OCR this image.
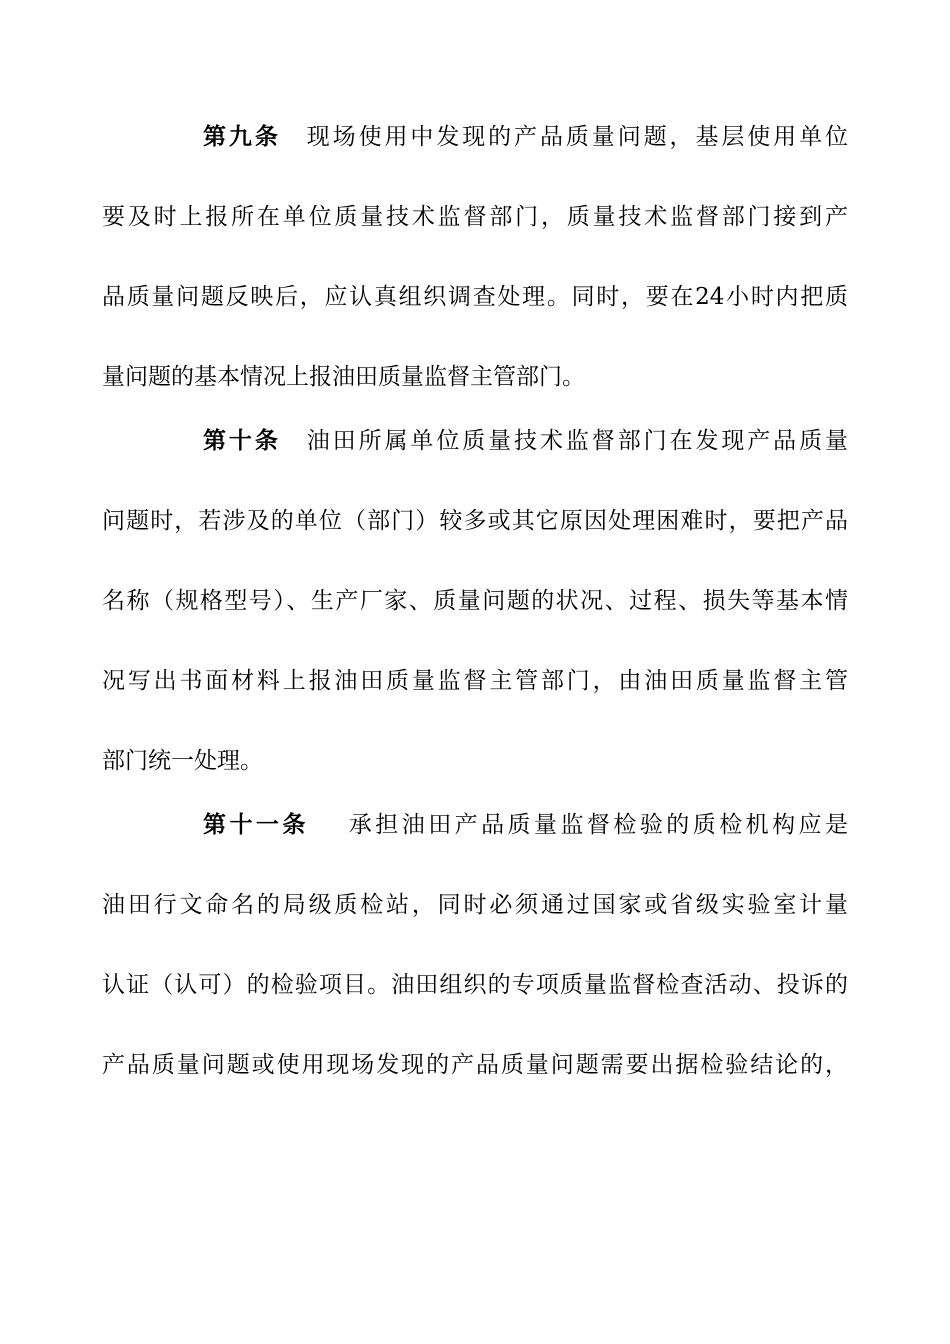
第九条 现场使用中发现的产品质量问题，基层使用单位
要及时上报所在单位质量技术监督部门，质量技术监督部门接到产
品质量问题反映后，应认真组织调查处理。同时，要在24小时内把质
量问题的基本情况上报油田质量监督主管部门。
第十条 油田所属单位质量技术监督部门在发现产品质量
问题时，若涉及的单位（部门）较多或其它原因处理困难时，要把产品
名称（规格型号）、生产厂家、质量问题的状况、过程、损失等基本情
况写出书面材料上报油田质量监督主管部门，由油田质量监督主管
部门统一处理。
第十一条 承担油田产品质量监督检验的质检机构应是
油田行文命名的局级质检站，同时必须通过国家或省级实验室计量
认证（认可）的检验项目。油田组织的专项质量监督检查活动、投诉的
产品质量问题或使用现场发现的产品质量问题需要出据检验结论的，
